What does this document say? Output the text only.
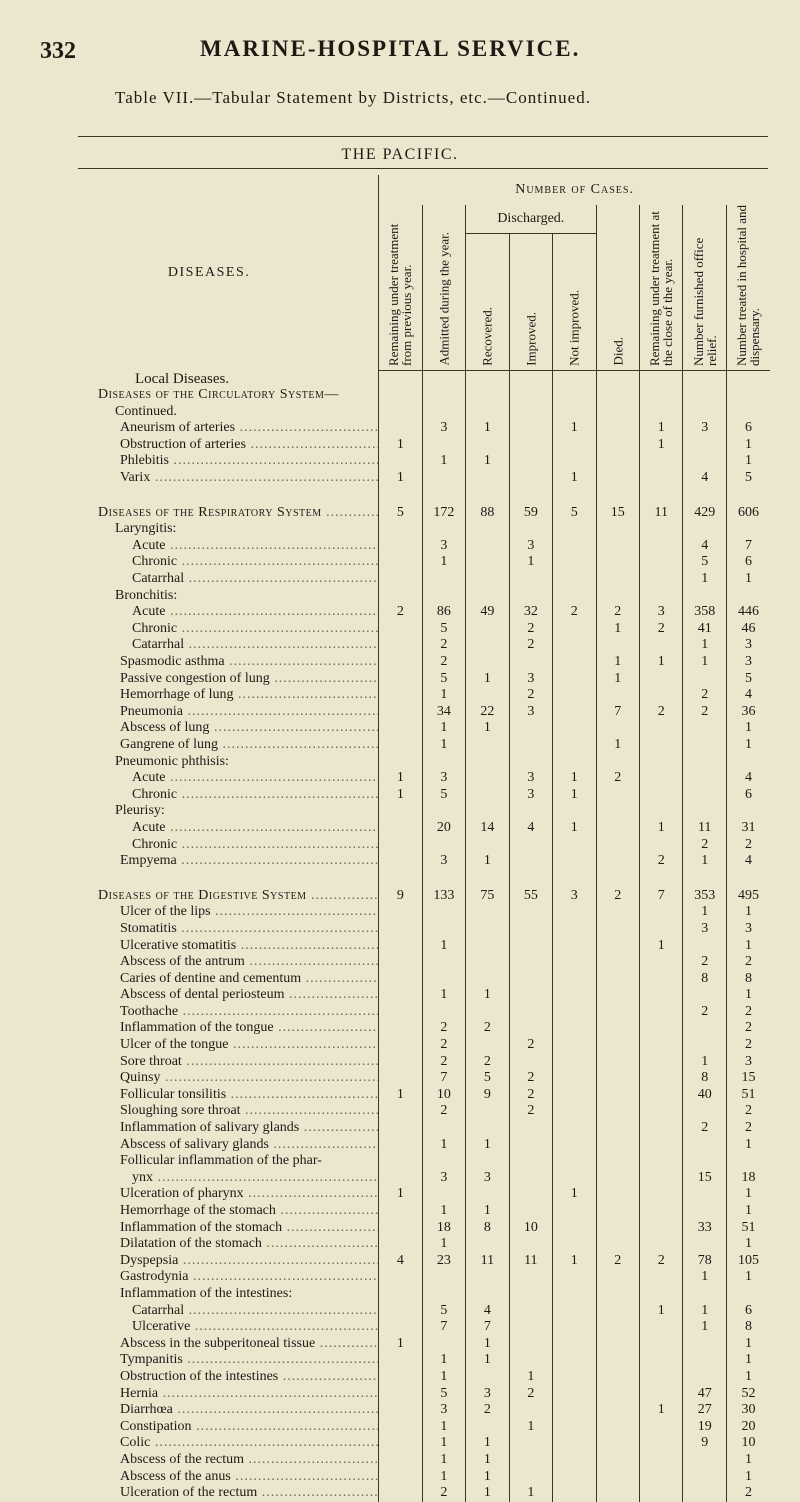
332	MARINE-HOSPITAL SERVICE.
Table VII.—Tabular Statement by Districts, etc.—Continued.
THE PACIFIC.
DISEASES.	Number of Cases.								

	Remaining under treatment from previous year.	Admitted during the year.	Discharged.			Died.	Remaining under treatment at the close of the year.	Number furnished office relief.	Number treated in hospital and dispensary.

			Recovered.	Improved.	Not improved.				

Local Diseases.									
Diseases of the Circulatory System—									
Continued.									
Aneurism of arteries .....		3	1		1		1	3	6
Obstruction of arteries .....	1						1		1
Phlebitis .....		1	1						1
Varix .....	1				1			4	5

Diseases of the Respiratory System .....	5	172	88	59	5	15	11	429	606
Laryngitis:									
Acute .....		3		3				4	7
Chronic .....		1		1				5	6
Catarrhal .....								1	1
Bronchitis:									
Acute .....	2	86	49	32	2	2	3	358	446
Chronic .....		5		2		1	2	41	46
Catarrhal .....		2		2				1	3
Spasmodic asthma .....		2				1	1	1	3
Passive congestion of lung .....		5	1	3		1			5
Hemorrhage of lung .....		1		2				2	4
Pneumonia .....		34	22	3		7	2	2	36
Abscess of lung .....		1	1						1
Gangrene of lung .....		1				1			1
Pneumonic phthisis:									
Acute .....	1	3		3	1	2			4
Chronic .....	1	5		3	1				6
Pleurisy:									
Acute .....		20	14	4	1		1	11	31
Chronic .....								2	2
Empyema .....		3	1				2	1	4

Diseases of the Digestive System .....	9	133	75	55	3	2	7	353	495
Ulcer of the lips .....								1	1
Stomatitis .....								3	3
Ulcerative stomatitis .....		1					1		1
Abscess of the antrum .....								2	2
Caries of dentine and cementum .....								8	8
Abscess of dental periosteum .....		1	1						1
Toothache .....								2	2
Inflammation of the tongue .....		2	2						2
Ulcer of the tongue .....		2		2					2
Sore throat .....		2	2					1	3
Quinsy .....		7	5	2				8	15
Follicular tonsilitis .....	1	10	9	2				40	51
Sloughing sore throat .....		2		2					2
Inflammation of salivary glands .....								2	2
Abscess of salivary glands .....		1	1						1
Follicular inflammation of the phar-									
ynx .....		3	3					15	18
Ulceration of pharynx .....	1				1				1
Hemorrhage of the stomach .....		1	1						1
Inflammation of the stomach .....		18	8	10				33	51
Dilatation of the stomach .....		1							1
Dyspepsia .....	4	23	11	11	1	2	2	78	105
Gastrodynia .....								1	1
Inflammation of the intestines:									
Catarrhal .....		5	4				1	1	6
Ulcerative .....		7	7					1	8
Abscess in the subperitoneal tissue .....	1		1						1
Tympanitis .....		1	1						1
Obstruction of the intestines .....		1		1					1
Hernia .....		5	3	2				47	52
Diarrhœa .....		3	2				1	27	30
Constipation .....		1		1				19	20
Colic .....		1	1					9	10
Abscess of the rectum .....		1	1						1
Abscess of the anus .....		1	1						1
Ulceration of the rectum .....		2	1	1					2
